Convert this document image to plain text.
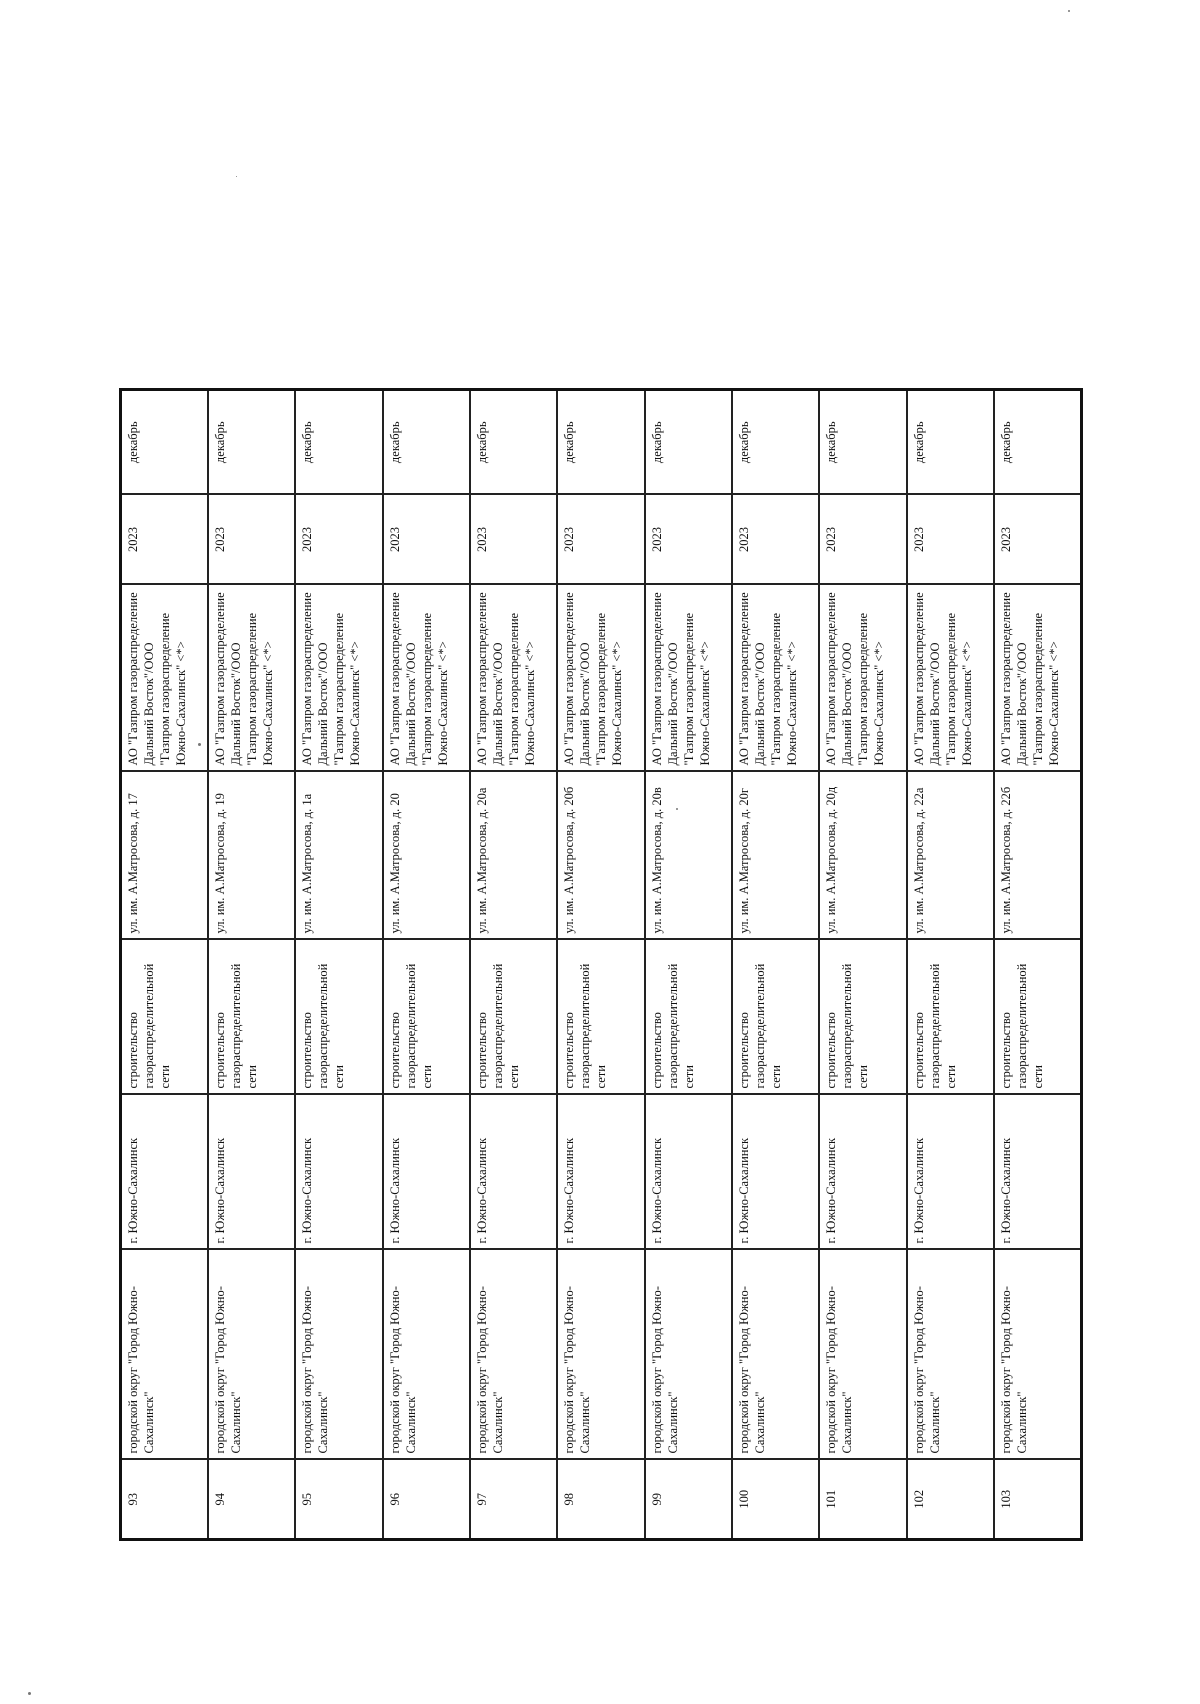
93	городской округ "Город Южно-Сахалинск"	г. Южно-Сахалинск	строительство газораспределительной сети	ул. им. А.Матросова, д. 17	АО "Газпром газораспределение Дальний Восток"/ООО "Газпром газораспределение Южно-Сахалинск" <*>	2023	декабрь
94	городской округ "Город Южно-Сахалинск"	г. Южно-Сахалинск	строительство газораспределительной сети	ул. им. А.Матросова, д. 19	АО "Газпром газораспределение Дальний Восток"/ООО "Газпром газораспределение Южно-Сахалинск" <*>	2023	декабрь
95	городской округ "Город Южно-Сахалинск"	г. Южно-Сахалинск	строительство газораспределительной сети	ул. им. А.Матросова, д. 1а	АО "Газпром газораспределение Дальний Восток"/ООО "Газпром газораспределение Южно-Сахалинск" <*>	2023	декабрь
96	городской округ "Город Южно-Сахалинск"	г. Южно-Сахалинск	строительство газораспределительной сети	ул. им. А.Матросова, д. 20	АО "Газпром газораспределение Дальний Восток"/ООО "Газпром газораспределение Южно-Сахалинск" <*>	2023	декабрь
97	городской округ "Город Южно-Сахалинск"	г. Южно-Сахалинск	строительство газораспределительной сети	ул. им. А.Матросова, д. 20а	АО "Газпром газораспределение Дальний Восток"/ООО "Газпром газораспределение Южно-Сахалинск" <*>	2023	декабрь
98	городской округ "Город Южно-Сахалинск"	г. Южно-Сахалинск	строительство газораспределительной сети	ул. им. А.Матросова, д. 20б	АО "Газпром газораспределение Дальний Восток"/ООО "Газпром газораспределение Южно-Сахалинск" <*>	2023	декабрь
99	городской округ "Город Южно-Сахалинск"	г. Южно-Сахалинск	строительство газораспределительной сети	ул. им. А.Матросова, д. 20в	АО "Газпром газораспределение Дальний Восток"/ООО "Газпром газораспределение Южно-Сахалинск" <*>	2023	декабрь
100	городской округ "Город Южно-Сахалинск"	г. Южно-Сахалинск	строительство газораспределительной сети	ул. им. А.Матросова, д. 20г	АО "Газпром газораспределение Дальний Восток"/ООО "Газпром газораспределение Южно-Сахалинск" <*>	2023	декабрь
101	городской округ "Город Южно-Сахалинск"	г. Южно-Сахалинск	строительство газораспределительной сети	ул. им. А.Матросова, д. 20д	АО "Газпром газораспределение Дальний Восток"/ООО "Газпром газораспределение Южно-Сахалинск" <*>	2023	декабрь
102	городской округ "Город Южно-Сахалинск"	г. Южно-Сахалинск	строительство газораспределительной сети	ул. им. А.Матросова, д. 22а	АО "Газпром газораспределение Дальний Восток"/ООО "Газпром газораспределение Южно-Сахалинск" <*>	2023	декабрь
103	городской округ "Город Южно-Сахалинск"	г. Южно-Сахалинск	строительство газораспределительной сети	ул. им. А.Матросова, д. 22б	АО "Газпром газораспределение Дальний Восток"/ООО "Газпром газораспределение Южно-Сахалинск" <*>	2023	декабрь
